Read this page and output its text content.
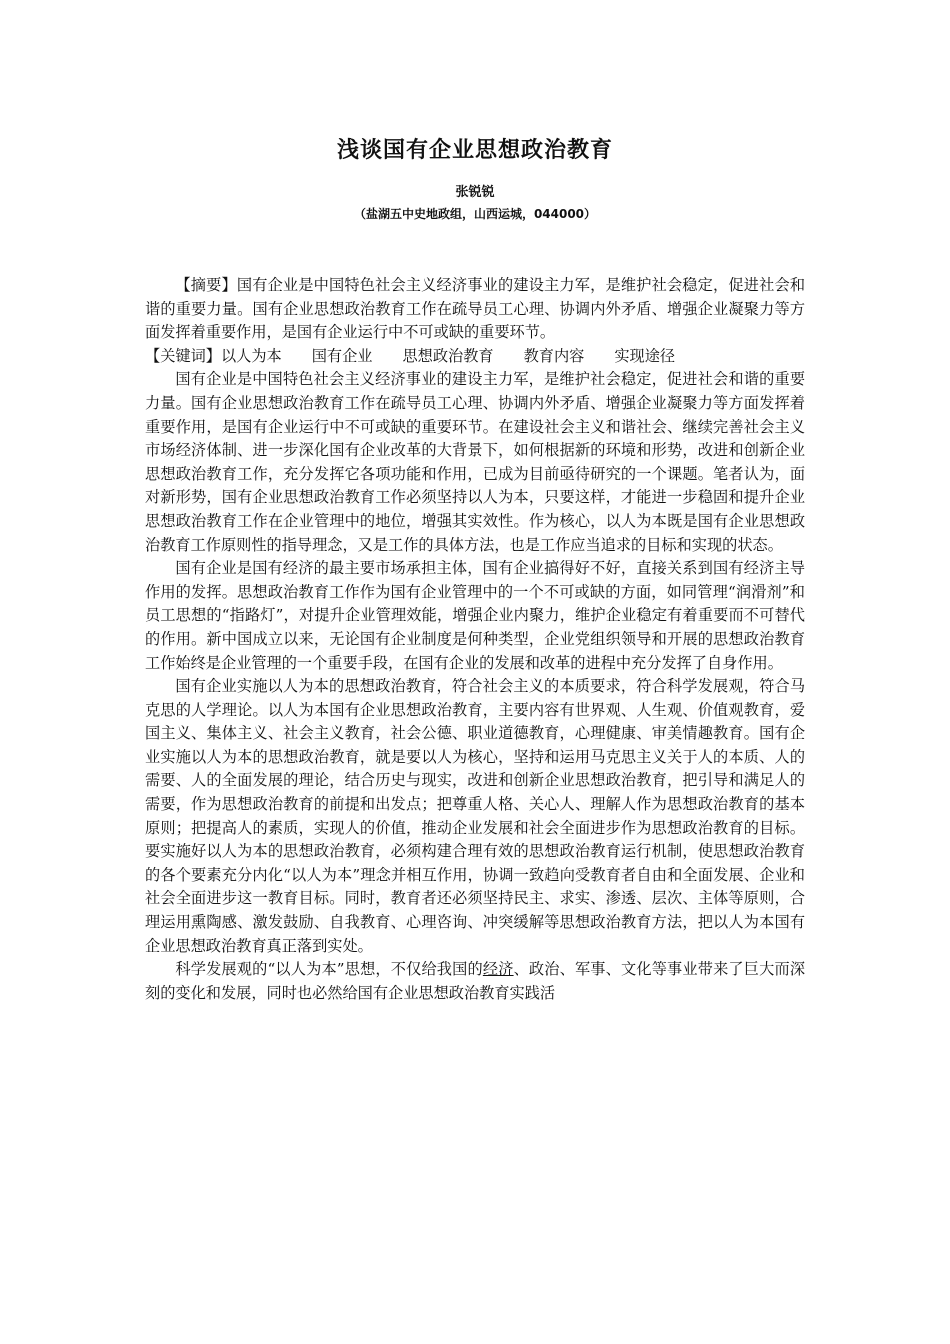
浅谈国有企业思想政治教育
张锐锐
（盐湖五中史地政组，山西运城，044000）

【摘要】国有企业是中国特色社会主义经济事业的建设主力军，是维护社会稳定，促进社会和谐的重要力量。国有企业思想政治教育工作在疏导员工心理、协调内外矛盾、增强企业凝聚力等方面发挥着重要作用，是国有企业运行中不可或缺的重要环节。

【关键词】以人为本 国有企业 思想政治教育 教育内容 实现途径

国有企业是中国特色社会主义经济事业的建设主力军，是维护社会稳定，促进社会和谐的重要力量。国有企业思想政治教育工作在疏导员工心理、协调内外矛盾、增强企业凝聚力等方面发挥着重要作用，是国有企业运行中不可或缺的重要环节。在建设社会主义和谐社会、继续完善社会主义市场经济体制、进一步深化国有企业改革的大背景下，如何根据新的环境和形势，改进和创新企业思想政治教育工作，充分发挥它各项功能和作用，已成为目前亟待研究的一个课题。笔者认为，面对新形势，国有企业思想政治教育工作必须坚持以人为本，只要这样，才能进一步稳固和提升企业思想政治教育工作在企业管理中的地位，增强其实效性。作为核心，以人为本既是国有企业思想政治教育工作原则性的指导理念，又是工作的具体方法，也是工作应当追求的目标和实现的状态。

国有企业是国有经济的最主要市场承担主体，国有企业搞得好不好，直接关系到国有经济主导作用的发挥。思想政治教育工作作为国有企业管理中的一个不可或缺的方面，如同管理“润滑剂”和员工思想的“指路灯”，对提升企业管理效能，增强企业内聚力，维护企业稳定有着重要而不可替代的作用。新中国成立以来，无论国有企业制度是何种类型，企业党组织领导和开展的思想政治教育工作始终是企业管理的一个重要手段，在国有企业的发展和改革的进程中充分发挥了自身作用。

国有企业实施以人为本的思想政治教育，符合社会主义的本质要求，符合科学发展观，符合马克思的人学理论。以人为本国有企业思想政治教育，主要内容有世界观、人生观、价值观教育，爱国主义、集体主义、社会主义教育，社会公德、职业道德教育，心理健康、审美情趣教育。国有企业实施以人为本的思想政治教育，就是要以人为核心，坚持和运用马克思主义关于人的本质、人的需要、人的全面发展的理论，结合历史与现实，改进和创新企业思想政治教育，把引导和满足人的需要，作为思想政治教育的前提和出发点；把尊重人格、关心人、理解人作为思想政治教育的基本原则；把提高人的素质，实现人的价值，推动企业发展和社会全面进步作为思想政治教育的目标。要实施好以人为本的思想政治教育，必须构建合理有效的思想政治教育运行机制，使思想政治教育的各个要素充分内化“以人为本”理念并相互作用，协调一致趋向受教育者自由和全面发展、企业和社会全面进步这一教育目标。同时，教育者还必须坚持民主、求实、渗透、层次、主体等原则，合理运用熏陶感、激发鼓励、自我教育、心理咨询、冲突缓解等思想政治教育方法，把以人为本国有企业思想政治教育真正落到实处。

科学发展观的“以人为本”思想，不仅给我国的经济、政治、军事、文化等事业带来了巨大而深刻的变化和发展，同时也必然给国有企业思想政治教育实践活
